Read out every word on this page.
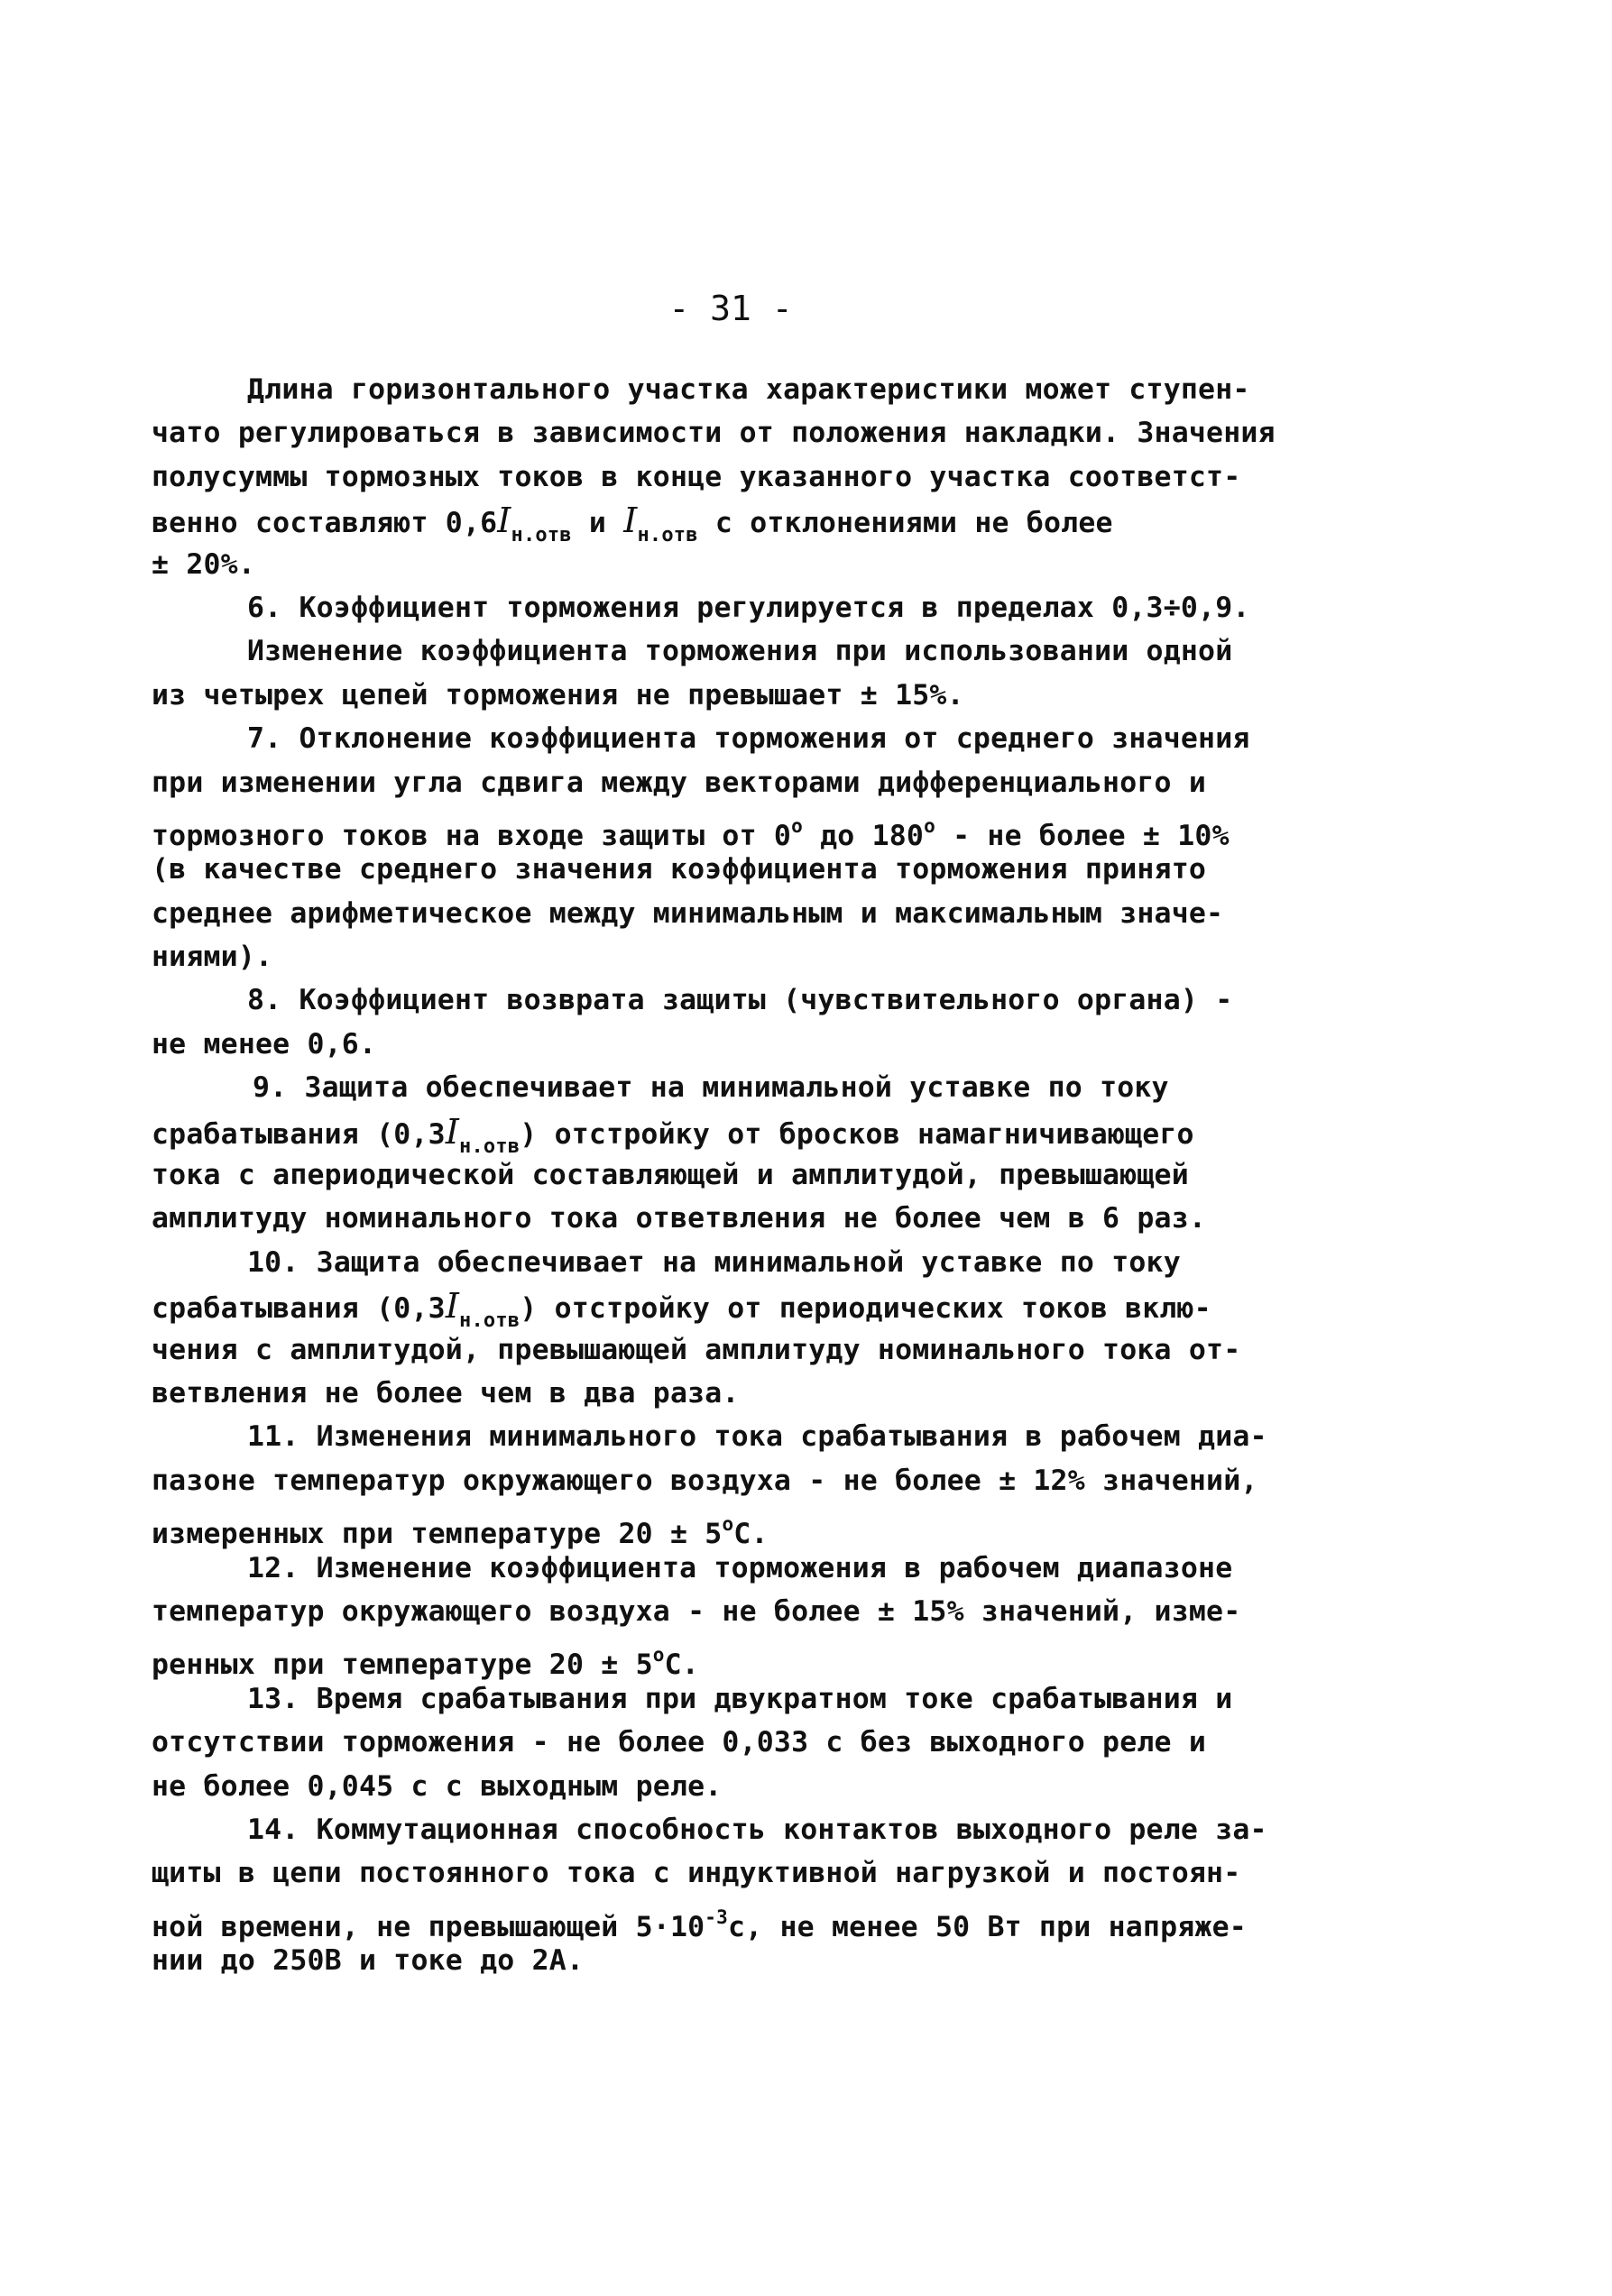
- 31 -
Длина горизонтального участка характеристики может ступен-
чато регулироваться в зависимости от положения накладки. Значения
полусуммы тормозных токов в конце указанного участка соответст-
венно составляют $0,6I_{н.отв}$ и $I_{н.отв}$ с отклонениями не более
± 20%.
6. Коэффициент торможения регулируется в пределах 0,3÷0,9.
Изменение коэффициента торможения при использовании одной
из четырех цепей торможения не превышает ± 15%.
7. Отклонение коэффициента торможения от среднего значения
при изменении угла сдвига между векторами дифференциального и
тормозного токов на входе защиты от $0^о$ до $180^о$ - не более ± 10%
(в качестве среднего значения коэффициента торможения принято
среднее арифметическое между минимальным и максимальным значе-
ниями).
8. Коэффициент возврата защиты (чувствительного органа) -
не менее 0,6.
9. Защита обеспечивает на минимальной уставке по току
срабатывания $(0,3I_{н.отв})$ отстройку от бросков намагничивающего
тока с апериодической составляющей и амплитудой, превышающей
амплитуду номинального тока ответвления не более чем в 6 раз.
10. Защита обеспечивает на минимальной уставке по току
срабатывания $(0,3I_{н.отв})$ отстройку от периодических токов вклю-
чения с амплитудой, превышающей амплитуду номинального тока от-
ветвления не более чем в два раза.
11. Изменения минимального тока срабатывания в рабочем диа-
пазоне температур окружающего воздуха - не более ± 12% значений,
измеренных при температуре $20 \pm 5^оС$.
12. Изменение коэффициента торможения в рабочем диапазоне
температур окружающего воздуха - не более ± 15% значений, изме-
ренных при температуре $20 \pm 5^оС$.
13. Время срабатывания при двукратном токе срабатывания и
отсутствии торможения - не более 0,033 с без выходного реле и
не более 0,045 с с выходным реле.
14. Коммутационная способность контактов выходного реле за-
щиты в цепи постоянного тока с индуктивной нагрузкой и постоян-
ной времени, не превышающей $5\cdot 10^{-3}с$, не менее 50 Вт при напряже-
нии до 250В и токе до 2А.
